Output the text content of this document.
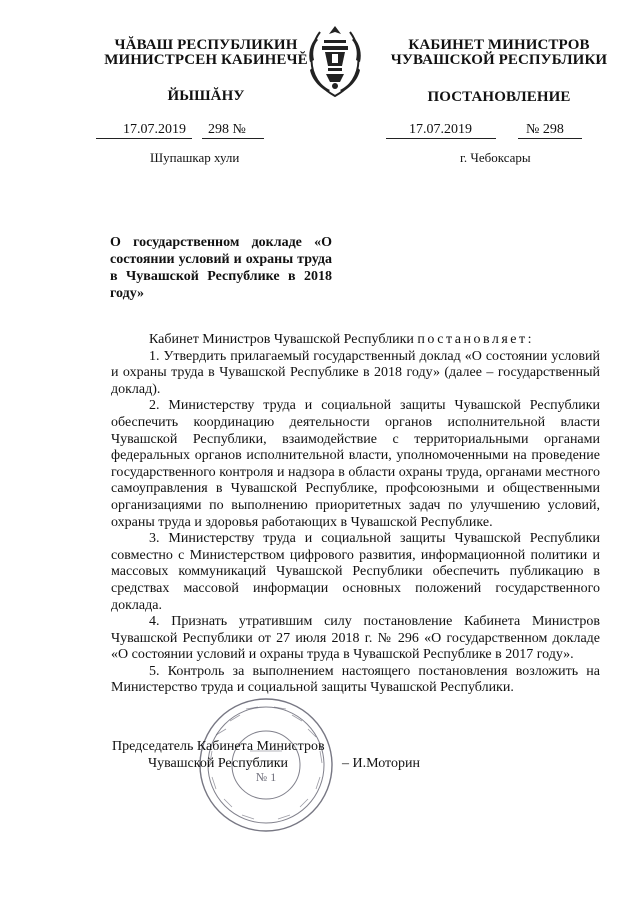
ЧĂВАШ РЕСПУБЛИКИН
МИНИСТРСЕН КАБИНЕЧĔ
КАБИНЕТ МИНИСТРОВ
ЧУВАШСКОЙ РЕСПУБЛИКИ
ЙЫШĂНУ	ПОСТАНОВЛЕНИЕ
17.07.2019	298 №	17.07.2019	№ 298
Шупашкар хули	г. Чебоксары
О государственном докладе «О состоянии условий и охраны труда в Чувашской Республике в 2018 году»

Кабинет Министров Чувашской Республики постановляет:

1. Утвердить прилагаемый государственный доклад «О состоянии условий и охраны труда в Чувашской Республике в 2018 году» (далее – государственный доклад).

2. Министерству труда и социальной защиты Чувашской Республики обеспечить координацию деятельности органов исполнительной власти Чувашской Республики, взаимодействие с территориальными органами федеральных органов исполнительной власти, уполномоченными на проведение государственного контроля и надзора в области охраны труда, органами местного самоуправления в Чувашской Республике, профсоюзными и общественными организациями по выполнению приоритетных задач по улучшению условий, охраны труда и здоровья работающих в Чувашской Республике.

3. Министерству труда и социальной защиты Чувашской Республики совместно с Министерством цифрового развития, информационной политики и массовых коммуникаций Чувашской Республики обеспечить публикацию в средствах массовой информации основных положений государственного доклада.

4. Признать утратившим силу постановление Кабинета Министров Чувашской Республики от 27 июля 2018 г. № 296 «О государственном докладе «О состоянии условий и охраны труда в Чувашской Республике в 2017 году».

5. Контроль за выполнением настоящего постановления возложить на Министерство труда и социальной защиты Чувашской Республики.

№ 1
Председатель Кабинета Министров
Чувашской Республики	– И.Моторин
